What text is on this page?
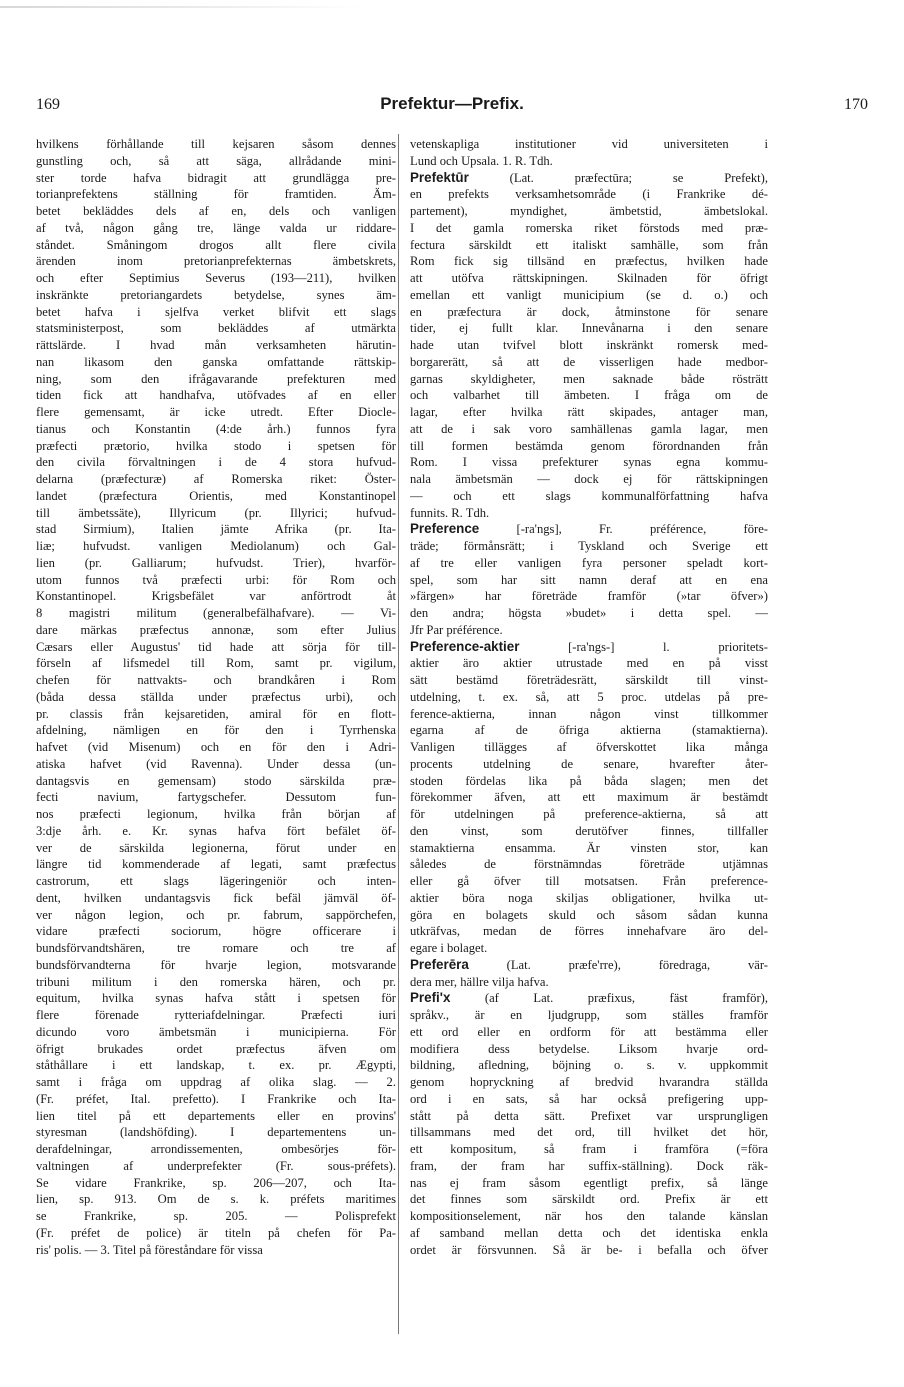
169	Prefektur—Prefix.	170
hvilkens förhållande till kejsaren såsom dennes
gunstling och, så att säga, allrådande mini-
ster torde hafva bidragit att grundlägga pre-
torianprefektens ställning för framtiden. Äm-
betet bekläddes dels af en, dels och vanligen
af två, någon gång tre, länge valda ur riddare-
ståndet. Småningom drogos allt flere civila
ärenden inom pretorianprefekternas ämbetskrets,
och efter Septimius Severus (193—211), hvilken
inskränkte pretoriangardets betydelse, synes äm-
betet hafva i sjelfva verket blifvit ett slags
statsministerpost, som bekläddes af utmärkta
rättslärde. I hvad mån verksamheten härutin-
nan likasom den ganska omfattande rättskip-
ning, som den ifrågavarande prefekturen med
tiden fick att handhafva, utöfvades af en eller
flere gemensamt, är icke utredt. Efter Diocle-
tianus och Konstantin (4:de årh.) funnos fyra
præfecti prætorio, hvilka stodo i spetsen för
den civila förvaltningen i de 4 stora hufvud-
delarna (præfecturæ) af Romerska riket: Öster-
landet (præfectura Orientis, med Konstantinopel
till ämbetssäte), Illyricum (pr. Illyrici; hufvud-
stad Sirmium), Italien jämte Afrika (pr. Ita-
liæ; hufvudst. vanligen Mediolanum) och Gal-
lien (pr. Galliarum; hufvudst. Trier), hvarför-
utom funnos två præfecti urbi: för Rom och
Konstantinopel. Krigsbefälet var anförtrodt åt
8 magistri militum (generalbefälhafvare). — Vi-
dare märkas præfectus annonæ, som efter Julius
Cæsars eller Augustus' tid hade att sörja för till-
förseln af lifsmedel till Rom, samt pr. vigilum,
chefen för nattvakts- och brandkåren i Rom
(båda dessa ställda under præfectus urbi), och
pr. classis från kejsaretiden, amiral för en flott-
afdelning, nämligen en för den i Tyrrhenska
hafvet (vid Misenum) och en för den i Adri-
atiska hafvet (vid Ravenna). Under dessa (un-
dantagsvis en gemensam) stodo särskilda præ-
fecti navium, fartygschefer. Dessutom fun-
nos præfecti legionum, hvilka från början af
3:dje årh. e. Kr. synas hafva fört befälet öf-
ver de särskilda legionerna, förut under en
längre tid kommenderade af legati, samt præfectus
castrorum, ett slags lägeringeniör och inten-
dent, hvilken undantagsvis fick befäl jämväl öf-
ver någon legion, och pr. fabrum, sappörchefen,
vidare præfecti sociorum, högre officerare i
bundsförvandtshären, tre romare och tre af
bundsförvandterna för hvarje legion, motsvarande
tribuni militum i den romerska hären, och pr.
equitum, hvilka synas hafva stått i spetsen för
flere förenade rytteriafdelningar. Præfecti iuri
dicundo voro ämbetsmän i municipierna. För
öfrigt brukades ordet præfectus äfven om
ståthållare i ett landskap, t. ex. pr. Ægypti,
samt i fråga om uppdrag af olika slag. — 2.
(Fr. préfet, Ital. prefetto). I Frankrike och Ita-
lien titel på ett departements eller en provins'
styresman (landshöfding). I departementens un-
derafdelningar, arrondissementen, ombesörjes för-
valtningen af underprefekter (Fr. sous-préfets).
Se vidare Frankrike, sp. 206—207, och Ita-
lien, sp. 913. Om de s. k. préfets maritimes
se Frankrike, sp. 205. — Polisprefekt
(Fr. préfet de police) är titeln på chefen för Pa-
ris' polis. — 3. Titel på föreståndare för vissa
vetenskapliga institutioner vid universiteten i
Lund och Upsala. 1. R. Tdh.
Prefektūr (Lat. præfectūra; se Prefekt),
en prefekts verksamhetsområde (i Frankrike dé-
partement), myndighet, ämbetstid, ämbetslokal.
I det gamla romerska riket förstods med præ-
fectura särskildt ett italiskt samhälle, som från
Rom fick sig tillsänd en præfectus, hvilken hade
att utöfva rättskipningen. Skilnaden för öfrigt
emellan ett vanligt municipium (se d. o.) och
en præfectura är dock, åtminstone för senare
tider, ej fullt klar. Innevånarna i den senare
hade utan tvifvel blott inskränkt romersk med-
borgarerätt, så att de visserligen hade medbor-
garnas skyldigheter, men saknade både rösträtt
och valbarhet till ämbeten. I fråga om de
lagar, efter hvilka rätt skipades, antager man,
att de i sak voro samhällenas gamla lagar, men
till formen bestämda genom förordnanden från
Rom. I vissa prefekturer synas egna kommu-
nala ämbetsmän — dock ej för rättskipningen
— och ett slags kommunalförfattning hafva
funnits. R. Tdh.
Preference [-ra'ngs], Fr. préférence, före-
träde; förmånsrätt; i Tyskland och Sverige ett
af tre eller vanligen fyra personer speladt kort-
spel, som har sitt namn deraf att en ena
»färgen» har företräde framför (»tar öfver»)
den andra; högsta »budet» i detta spel. —
Jfr Par préférence.
Preference-aktier [-ra'ngs-] l. prioritets-
aktier äro aktier utrustade med en på visst
sätt bestämd företrädesrätt, särskildt till vinst-
utdelning, t. ex. så, att 5 proc. utdelas på pre-
ference-aktierna, innan någon vinst tillkommer
egarna af de öfriga aktierna (stamaktierna).
Vanligen tillägges af öfverskottet lika många
procents utdelning de senare, hvarefter åter-
stoden fördelas lika på båda slagen; men det
förekommer äfven, att ett maximum är bestämdt
för utdelningen på preference-aktierna, så att
den vinst, som derutöfver finnes, tillfaller
stamaktierna ensamma. Är vinsten stor, kan
således de förstnämndas företräde utjämnas
eller gå öfver till motsatsen. Från preference-
aktier böra noga skiljas obligationer, hvilka ut-
göra en bolagets skuld och såsom sådan kunna
utkräfvas, medan de förres innehafvare äro del-
egare i bolaget.
Preferēra (Lat. præfe'rre), föredraga, vär-
dera mer, hällre vilja hafva.
Prefi'x (af Lat. præfixus, fäst framför),
språkv., är en ljudgrupp, som ställes framför
ett ord eller en ordform för att bestämma eller
modifiera dess betydelse. Liksom hvarje ord-
bildning, afledning, böjning o. s. v. uppkommit
genom hopryckning af bredvid hvarandra ställda
ord i en sats, så har också prefigering upp-
stått på detta sätt. Prefixet var ursprungligen
tillsammans med det ord, till hvilket det hör,
ett kompositum, så fram i framföra (=föra
fram, der fram har suffix-ställning). Dock räk-
nas ej fram såsom egentligt prefix, så länge
det finnes som särskildt ord. Prefix är ett
kompositionselement, när hos den talande känslan
af samband mellan detta och det identiska enkla
ordet är försvunnen. Så är be- i befalla och öfver
